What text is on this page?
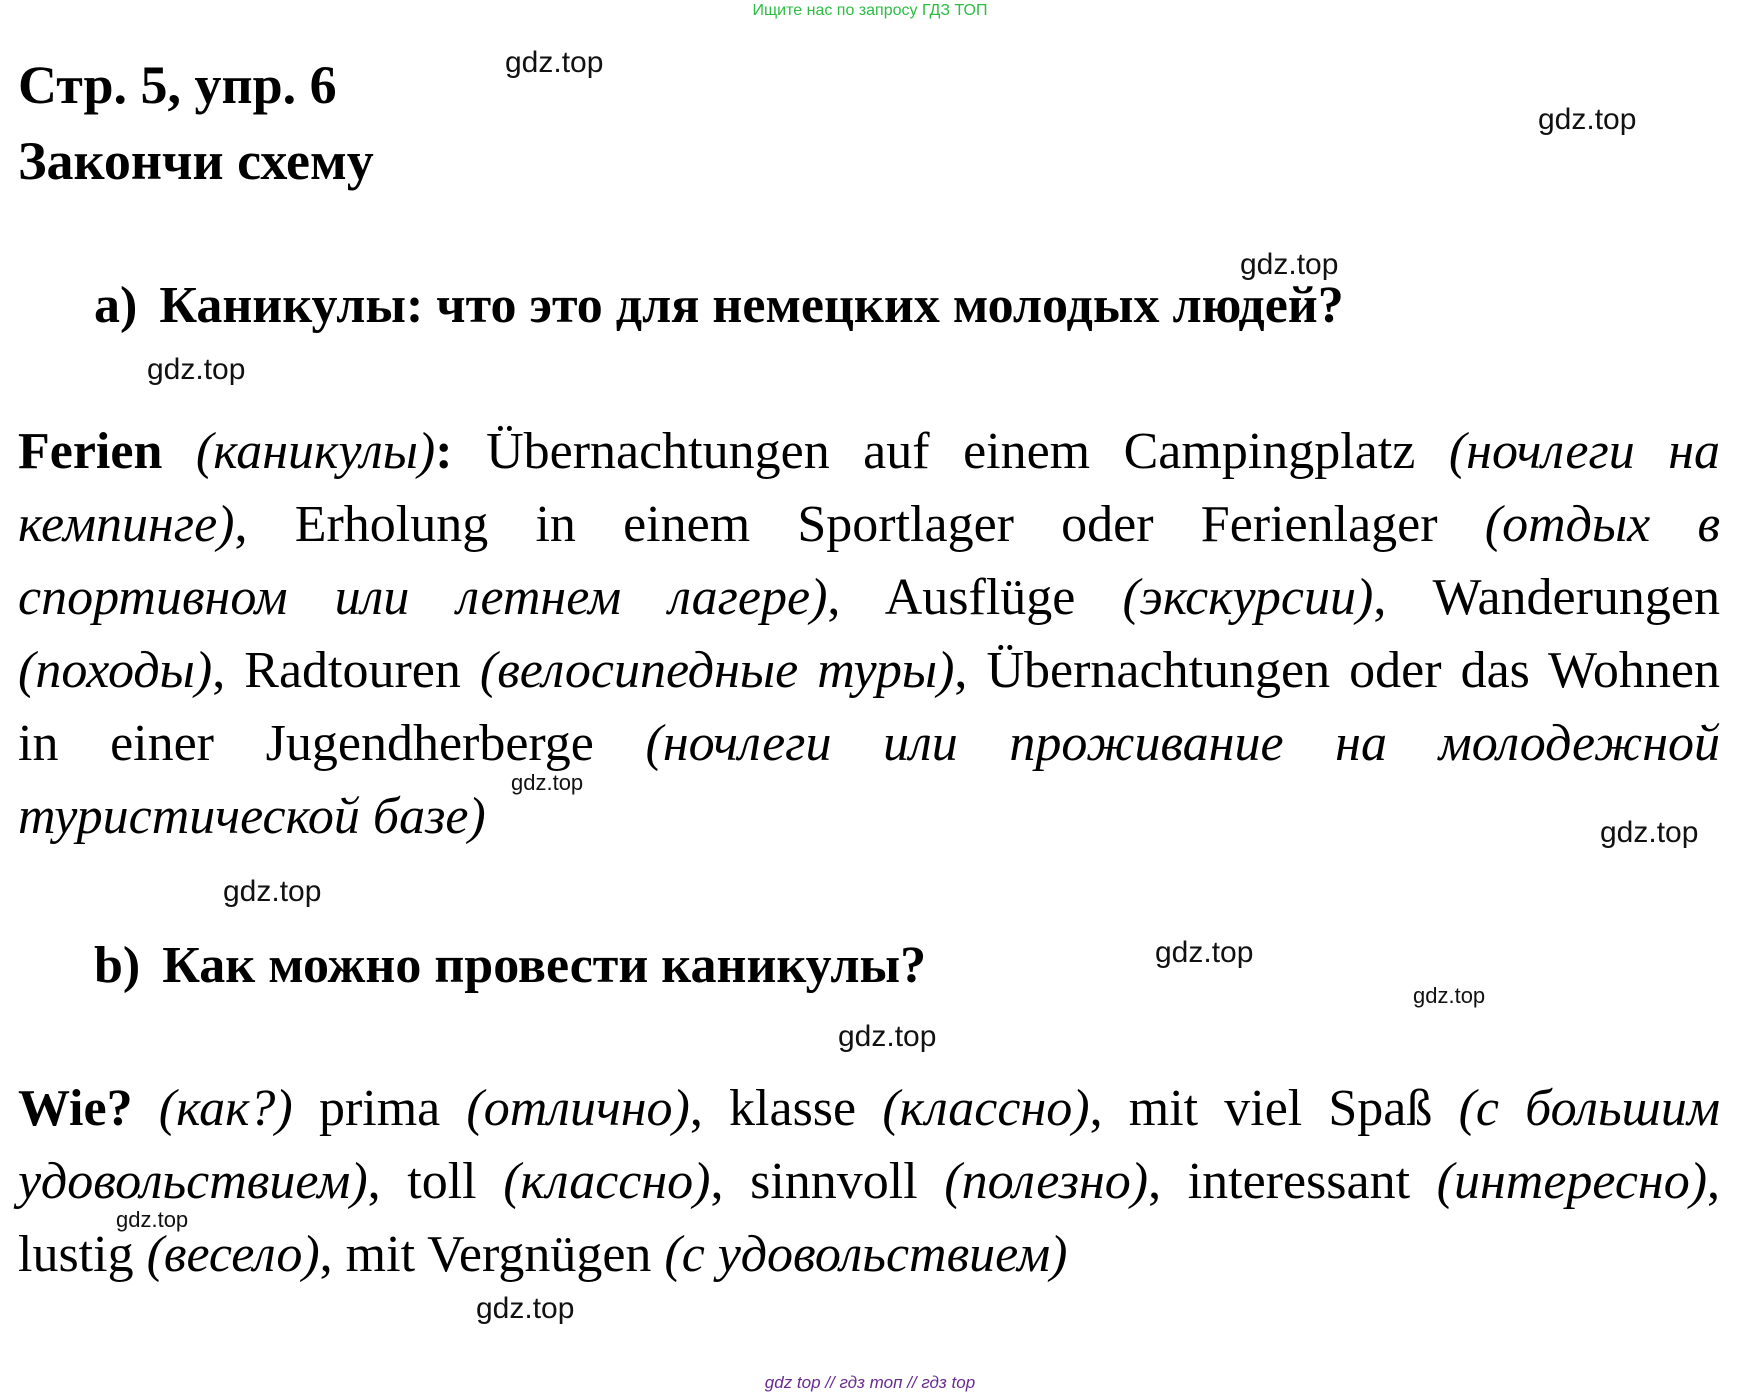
Ищите нас по запросу ГДЗ ТОП
Стр. 5, упр. 6
Закончи схему
a) Каникулы: что это для немецких молодых людей?

Ferien (каникулы): Übernachtungen auf einem Campingplatz (ночлеги на кемпинге), Erholung in einem Sportlager oder Ferienlager (отдых в спортивном или летнем лагере), Ausflüge (экскурсии), Wanderungen (походы), Radtouren (велосипедные туры), Übernachtungen oder das Wohnen in einer Jugendherberge (ночлеги или проживание на молодежной туристической базе)

b) Как можно провести каникулы?

Wie? (как?) prima (отлично), klasse (классно), mit viel Spaß (с большим удовольствием), toll (классно), sinnvoll (полезно), interessant (интересно), lustig (весело), mit Vergnügen (с удовольствием)

gdz.top
gdz.top
gdz.top
gdz.top
gdz.top
gdz.top
gdz.top
gdz.top
gdz.top
gdz.top
gdz.top
gdz.top
gdz top // гдз топ // гдз top
